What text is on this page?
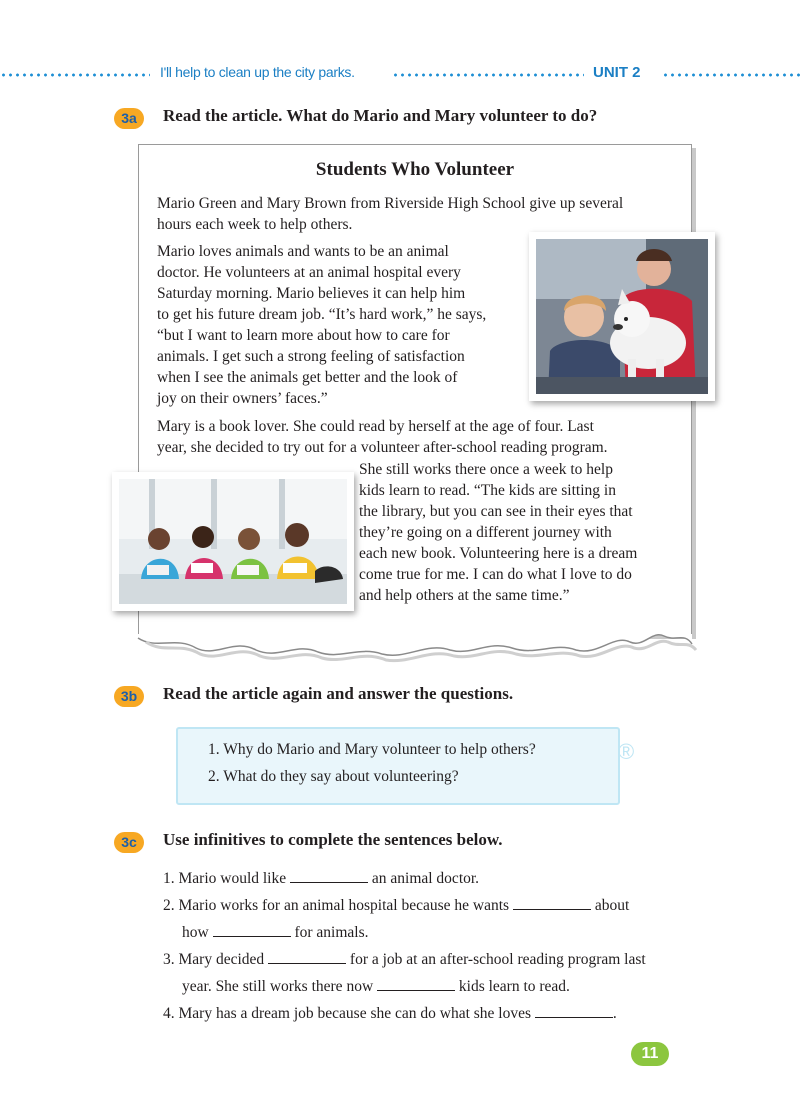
I'll help to clean up the city parks.	UNIT 2
3a	Read the article. What do Mario and Mary volunteer to do?
Students Who Volunteer
Mario Green and Mary Brown from Riverside High School give up several
hours each week to help others.
Mario loves animals and wants to be an animal
doctor. He volunteers at an animal hospital every
Saturday morning. Mario believes it can help him
to get his future dream job. “It’s hard work,” he says,
“but I want to learn more about how to care for
animals. I get such a strong feeling of satisfaction
when I see the animals get better and the look of
joy on their owners’ faces.”
Mary is a book lover. She could read by herself at the age of four. Last
year, she decided to try out for a volunteer after-school reading program.
She still works there once a week to help
kids learn to read. “The kids are sitting in
the library, but you can see in their eyes that
they’re going on a different journey with
each new book. Volunteering here is a dream
come true for me. I can do what I love to do
and help others at the same time.”
3b	Read the article again and answer the questions.
1. Why do Mario and Mary volunteer to help others?
2. What do they say about volunteering?
®
3c	Use infinitives to complete the sentences below.
1. Mario would like	an animal doctor.
2. Mario works for an animal hospital because he wants	about
how	for animals.
3. Mary decided	for a job at an after-school reading program last
year. She still works there now	kids learn to read.
4. Mary has a dream job because she can do what she loves	.
11
